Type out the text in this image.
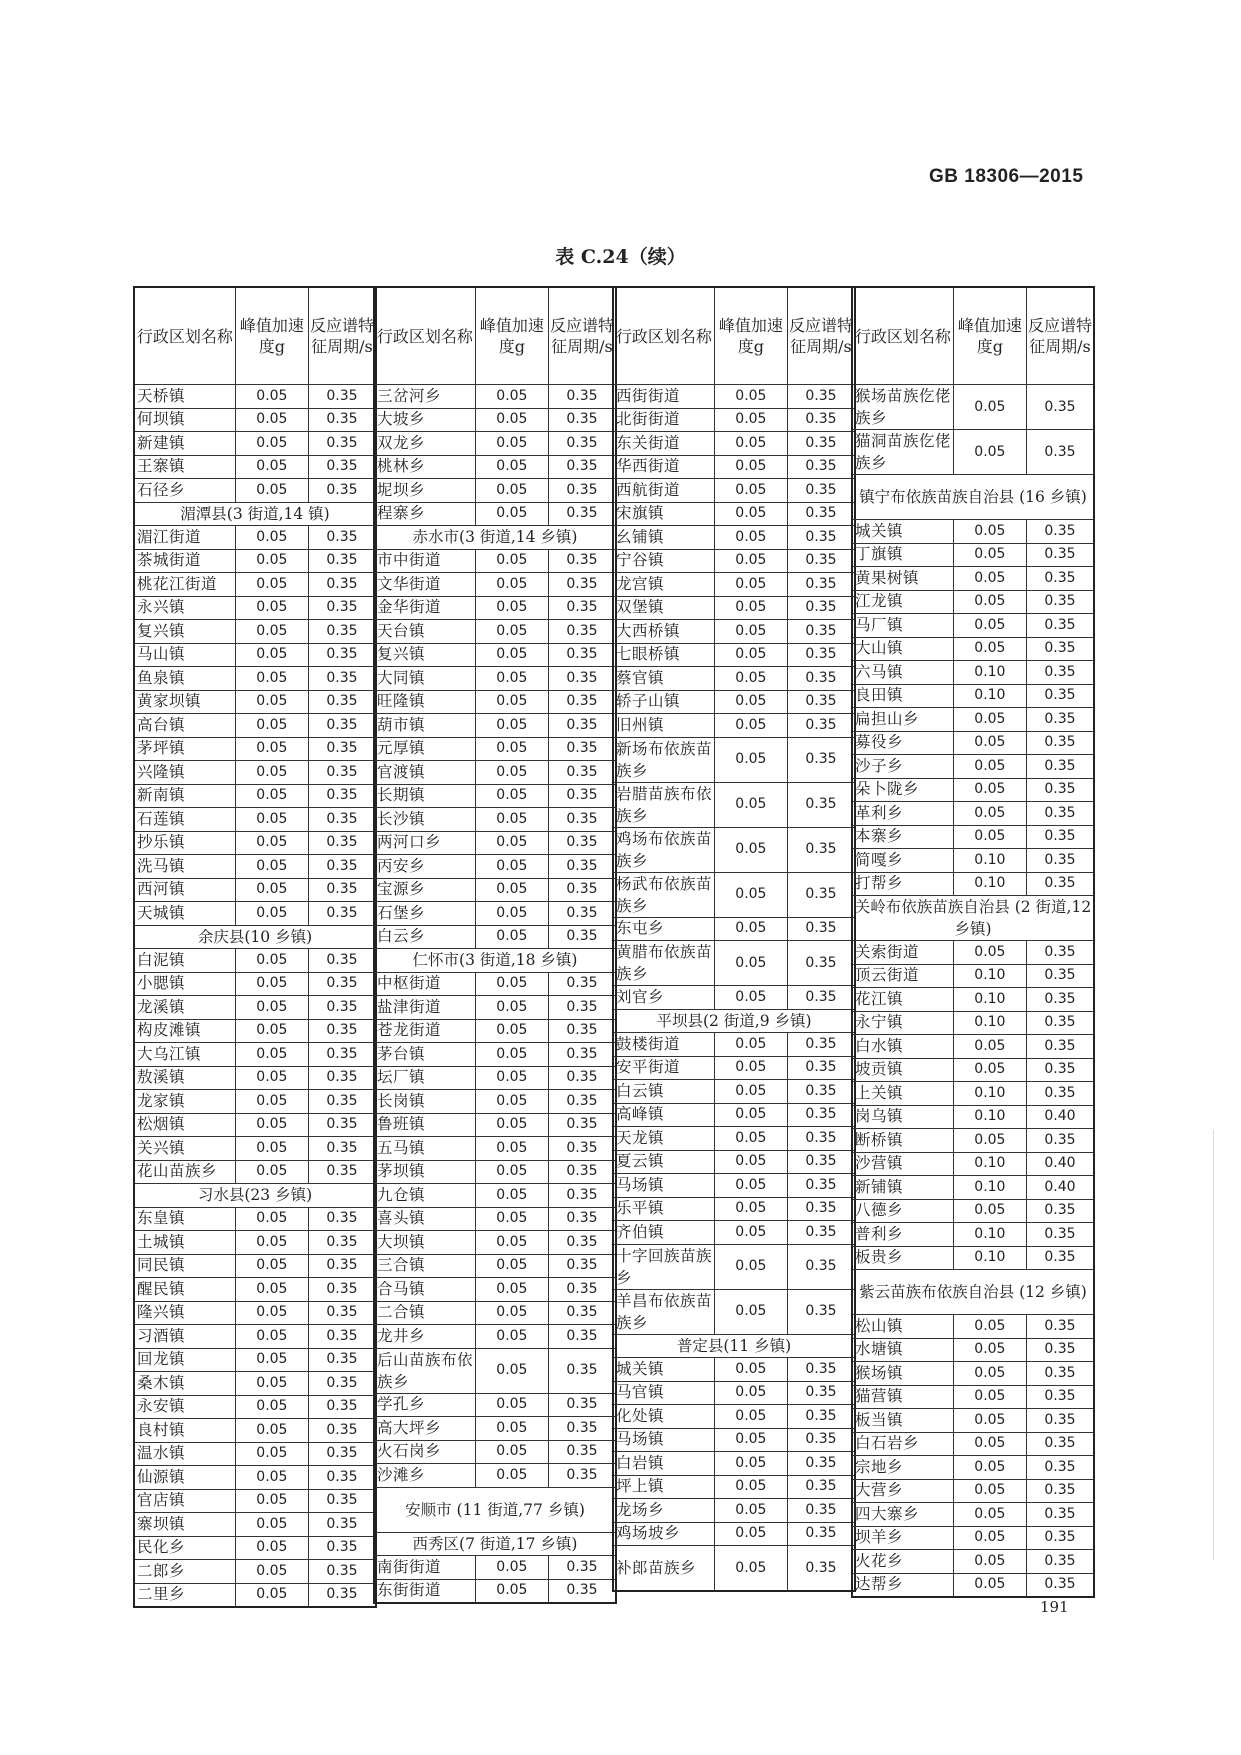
GB 18306—2015
表 C.24（续）
行政区划名称	峰值加速度g	反应谱特征周期/s
天桥镇	0.05	0.35
何坝镇	0.05	0.35
新建镇	0.05	0.35
王寨镇	0.05	0.35
石径乡	0.05	0.35
湄潭县(3 街道,14 镇)		
湄江街道	0.05	0.35
茶城街道	0.05	0.35
桃花江街道	0.05	0.35
永兴镇	0.05	0.35
复兴镇	0.05	0.35
马山镇	0.05	0.35
鱼泉镇	0.05	0.35
黄家坝镇	0.05	0.35
高台镇	0.05	0.35
茅坪镇	0.05	0.35
兴隆镇	0.05	0.35
新南镇	0.05	0.35
石莲镇	0.05	0.35
抄乐镇	0.05	0.35
洗马镇	0.05	0.35
西河镇	0.05	0.35
天城镇	0.05	0.35
余庆县(10 乡镇)		
白泥镇	0.05	0.35
小腮镇	0.05	0.35
龙溪镇	0.05	0.35
构皮滩镇	0.05	0.35
大乌江镇	0.05	0.35
敖溪镇	0.05	0.35
龙家镇	0.05	0.35
松烟镇	0.05	0.35
关兴镇	0.05	0.35
花山苗族乡	0.05	0.35
习水县(23 乡镇)		
东皇镇	0.05	0.35
土城镇	0.05	0.35
同民镇	0.05	0.35
醒民镇	0.05	0.35
隆兴镇	0.05	0.35
习酒镇	0.05	0.35
回龙镇	0.05	0.35
桑木镇	0.05	0.35
永安镇	0.05	0.35
良村镇	0.05	0.35
温水镇	0.05	0.35
仙源镇	0.05	0.35
官店镇	0.05	0.35
寨坝镇	0.05	0.35
民化乡	0.05	0.35
二郎乡	0.05	0.35
二里乡	0.05	0.35
行政区划名称	峰值加速度g	反应谱特征周期/s
三岔河乡	0.05	0.35
大坡乡	0.05	0.35
双龙乡	0.05	0.35
桃林乡	0.05	0.35
坭坝乡	0.05	0.35
程寨乡	0.05	0.35
赤水市(3 街道,14 乡镇)		
市中街道	0.05	0.35
文华街道	0.05	0.35
金华街道	0.05	0.35
天台镇	0.05	0.35
复兴镇	0.05	0.35
大同镇	0.05	0.35
旺隆镇	0.05	0.35
葫市镇	0.05	0.35
元厚镇	0.05	0.35
官渡镇	0.05	0.35
长期镇	0.05	0.35
长沙镇	0.05	0.35
两河口乡	0.05	0.35
丙安乡	0.05	0.35
宝源乡	0.05	0.35
石堡乡	0.05	0.35
白云乡	0.05	0.35
仁怀市(3 街道,18 乡镇)		
中枢街道	0.05	0.35
盐津街道	0.05	0.35
苍龙街道	0.05	0.35
茅台镇	0.05	0.35
坛厂镇	0.05	0.35
长岗镇	0.05	0.35
鲁班镇	0.05	0.35
五马镇	0.05	0.35
茅坝镇	0.05	0.35
九仓镇	0.05	0.35
喜头镇	0.05	0.35
大坝镇	0.05	0.35
三合镇	0.05	0.35
合马镇	0.05	0.35
二合镇	0.05	0.35
龙井乡	0.05	0.35
后山苗族布依族乡	0.05	0.35
学孔乡	0.05	0.35
高大坪乡	0.05	0.35
火石岗乡	0.05	0.35
沙滩乡	0.05	0.35
安顺市 (11 街道,77 乡镇)		
西秀区(7 街道,17 乡镇)		
南街街道	0.05	0.35
东街街道	0.05	0.35
行政区划名称	峰值加速度g	反应谱特征周期/s
西街街道	0.05	0.35
北街街道	0.05	0.35
东关街道	0.05	0.35
华西街道	0.05	0.35
西航街道	0.05	0.35
宋旗镇	0.05	0.35
幺铺镇	0.05	0.35
宁谷镇	0.05	0.35
龙宫镇	0.05	0.35
双堡镇	0.05	0.35
大西桥镇	0.05	0.35
七眼桥镇	0.05	0.35
蔡官镇	0.05	0.35
轿子山镇	0.05	0.35
旧州镇	0.05	0.35
新场布依族苗族乡	0.05	0.35
岩腊苗族布依族乡	0.05	0.35
鸡场布依族苗族乡	0.05	0.35
杨武布依族苗族乡	0.05	0.35
东屯乡	0.05	0.35
黄腊布依族苗族乡	0.05	0.35
刘官乡	0.05	0.35
平坝县(2 街道,9 乡镇)		
鼓楼街道	0.05	0.35
安平街道	0.05	0.35
白云镇	0.05	0.35
高峰镇	0.05	0.35
天龙镇	0.05	0.35
夏云镇	0.05	0.35
马场镇	0.05	0.35
乐平镇	0.05	0.35
齐伯镇	0.05	0.35
十字回族苗族乡	0.05	0.35
羊昌布依族苗族乡	0.05	0.35
普定县(11 乡镇)		
城关镇	0.05	0.35
马官镇	0.05	0.35
化处镇	0.05	0.35
马场镇	0.05	0.35
白岩镇	0.05	0.35
坪上镇	0.05	0.35
龙场乡	0.05	0.35
鸡场坡乡	0.05	0.35
补郎苗族乡	0.05	0.35
行政区划名称	峰值加速度g	反应谱特征周期/s
猴场苗族仡佬族乡	0.05	0.35
猫洞苗族仡佬族乡	0.05	0.35
镇宁布依族苗族自治县 (16 乡镇)		
城关镇	0.05	0.35
丁旗镇	0.05	0.35
黄果树镇	0.05	0.35
江龙镇	0.05	0.35
马厂镇	0.05	0.35
大山镇	0.05	0.35
六马镇	0.10	0.35
良田镇	0.10	0.35
扁担山乡	0.05	0.35
募役乡	0.05	0.35
沙子乡	0.05	0.35
朵卜陇乡	0.05	0.35
革利乡	0.05	0.35
本寨乡	0.05	0.35
简嘎乡	0.10	0.35
打帮乡	0.10	0.35
关岭布依族苗族自治县 (2 街道,12 乡镇)		
关索街道	0.05	0.35
顶云街道	0.10	0.35
花江镇	0.10	0.35
永宁镇	0.10	0.35
白水镇	0.05	0.35
坡贡镇	0.05	0.35
上关镇	0.10	0.35
岗乌镇	0.10	0.40
断桥镇	0.05	0.35
沙营镇	0.10	0.40
新铺镇	0.10	0.40
八德乡	0.05	0.35
普利乡	0.10	0.35
板贵乡	0.10	0.35
紫云苗族布依族自治县 (12 乡镇)		
松山镇	0.05	0.35
水塘镇	0.05	0.35
猴场镇	0.05	0.35
猫营镇	0.05	0.35
板当镇	0.05	0.35
白石岩乡	0.05	0.35
宗地乡	0.05	0.35
大营乡	0.05	0.35
四大寨乡	0.05	0.35
坝羊乡	0.05	0.35
火花乡	0.05	0.35
达帮乡	0.05	0.35
191
